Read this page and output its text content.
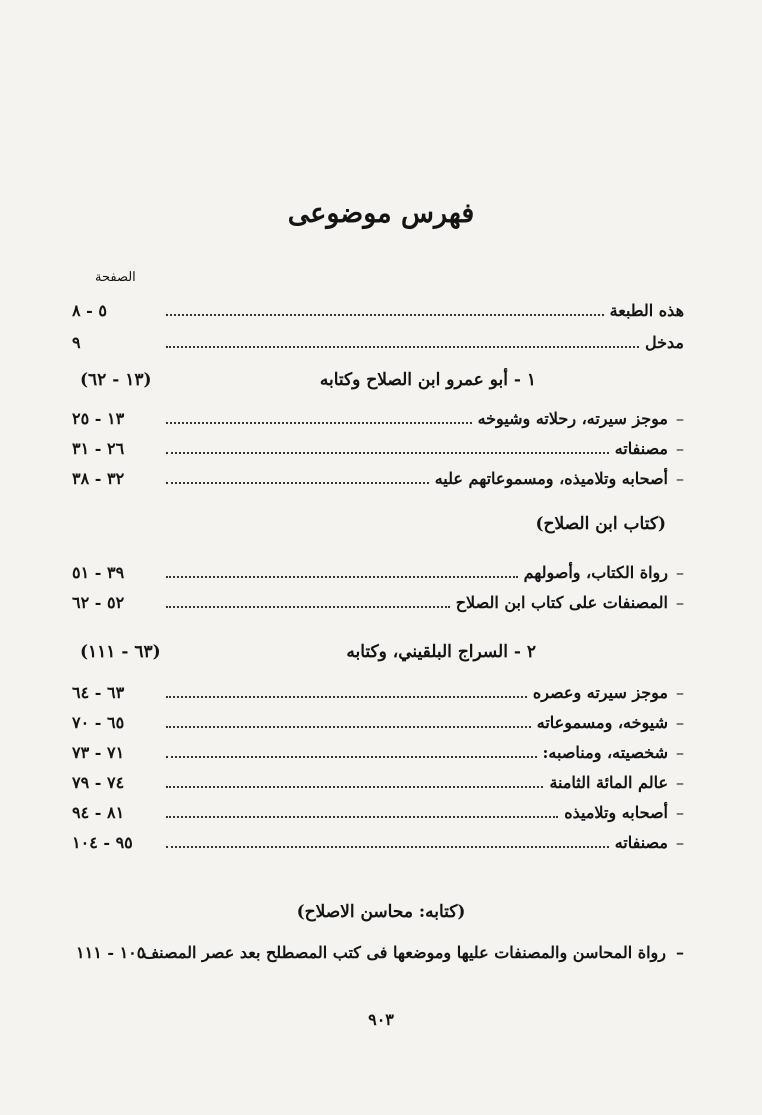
فهرس موضوعى
الصفحة
هذه الطبعة
٥ - ٨
مدخل
٩
١ - أبو عمرو ابن الصلاح وكتابه
(١٣ - ٦٢)
–
موجز سيرته، رحلاته وشيوخه
١٣ - ٢٥
–
مصنفاته
٢٦ - ٣١
–
أصحابه وتلاميذه، ومسموعاتهم عليه
٣٢ - ٣٨
(كتاب ابن الصلاح)
–
رواة الكتاب، وأصولهم
٣٩ - ٥١
–
المصنفات على كتاب ابن الصلاح
٥٢ - ٦٢
٢ - السراج البلقيني، وكتابه
(٦٣ - ١١١)
–
موجز سيرته وعصره
٦٣ - ٦٤
–
شيوخه، ومسموعاته
٦٥ - ٧٠
–
شخصيته، ومناصبه:
٧١ - ٧٣
–
عالم المائة الثامنة
٧٤ - ٧٩
–
أصحابه وتلاميذه
٨١ - ٩٤
–
مصنفاته
٩٥ - ١٠٤
(كتابه: محاسن الاصلاح)
–
رواة المحاسن والمصنفات عليها وموضعها فى كتب المصطلح بعد عصر المصنف
١٠٥ - ١١١
٩٠٣
